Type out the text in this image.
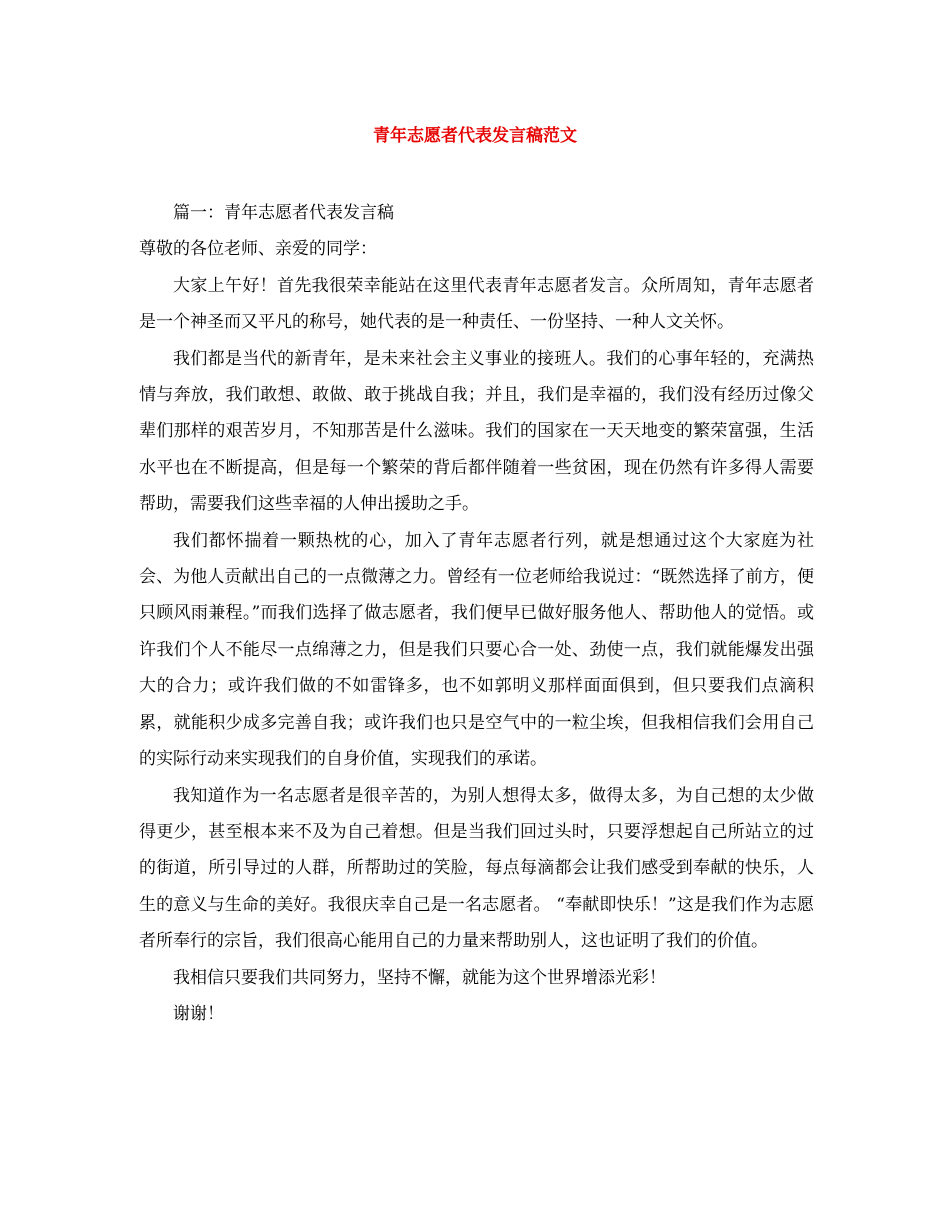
青年志愿者代表发言稿范文

篇一：青年志愿者代表发言稿

尊敬的各位老师、亲爱的同学：

大家上午好！首先我很荣幸能站在这里代表青年志愿者发言。众所周知，青年志愿者是一个神圣而又平凡的称号，她代表的是一种责任、一份坚持、一种人文关怀。

我们都是当代的新青年，是未来社会主义事业的接班人。我们的心事年轻的，充满热情与奔放，我们敢想、敢做、敢于挑战自我；并且，我们是幸福的，我们没有经历过像父辈们那样的艰苦岁月，不知那苦是什么滋味。我们的国家在一天天地变的繁荣富强，生活水平也在不断提高，但是每一个繁荣的背后都伴随着一些贫困，现在仍然有许多得人需要帮助，需要我们这些幸福的人伸出援助之手。

我们都怀揣着一颗热枕的心，加入了青年志愿者行列，就是想通过这个大家庭为社会、为他人贡献出自己的一点微薄之力。曾经有一位老师给我说过：“既然选择了前方，便只顾风雨兼程。”而我们选择了做志愿者，我们便早已做好服务他人、帮助他人的觉悟。或许我们个人不能尽一点绵薄之力，但是我们只要心合一处、劲使一点，我们就能爆发出强大的合力；或许我们做的不如雷锋多，也不如郭明义那样面面俱到，但只要我们点滴积累，就能积少成多完善自我；或许我们也只是空气中的一粒尘埃，但我相信我们会用自己的实际行动来实现我们的自身价值，实现我们的承诺。

我知道作为一名志愿者是很辛苦的，为别人想得太多，做得太多，为自己想的太少做得更少，甚至根本来不及为自己着想。但是当我们回过头时，只要浮想起自己所站立的过的街道，所引导过的人群，所帮助过的笑脸，每点每滴都会让我们感受到奉献的快乐，人生的意义与生命的美好。我很庆幸自己是一名志愿者。 “奉献即快乐！”这是我们作为志愿者所奉行的宗旨，我们很高心能用自己的力量来帮助别人，这也证明了我们的价值。

我相信只要我们共同努力，坚持不懈，就能为这个世界增添光彩！

谢谢！
